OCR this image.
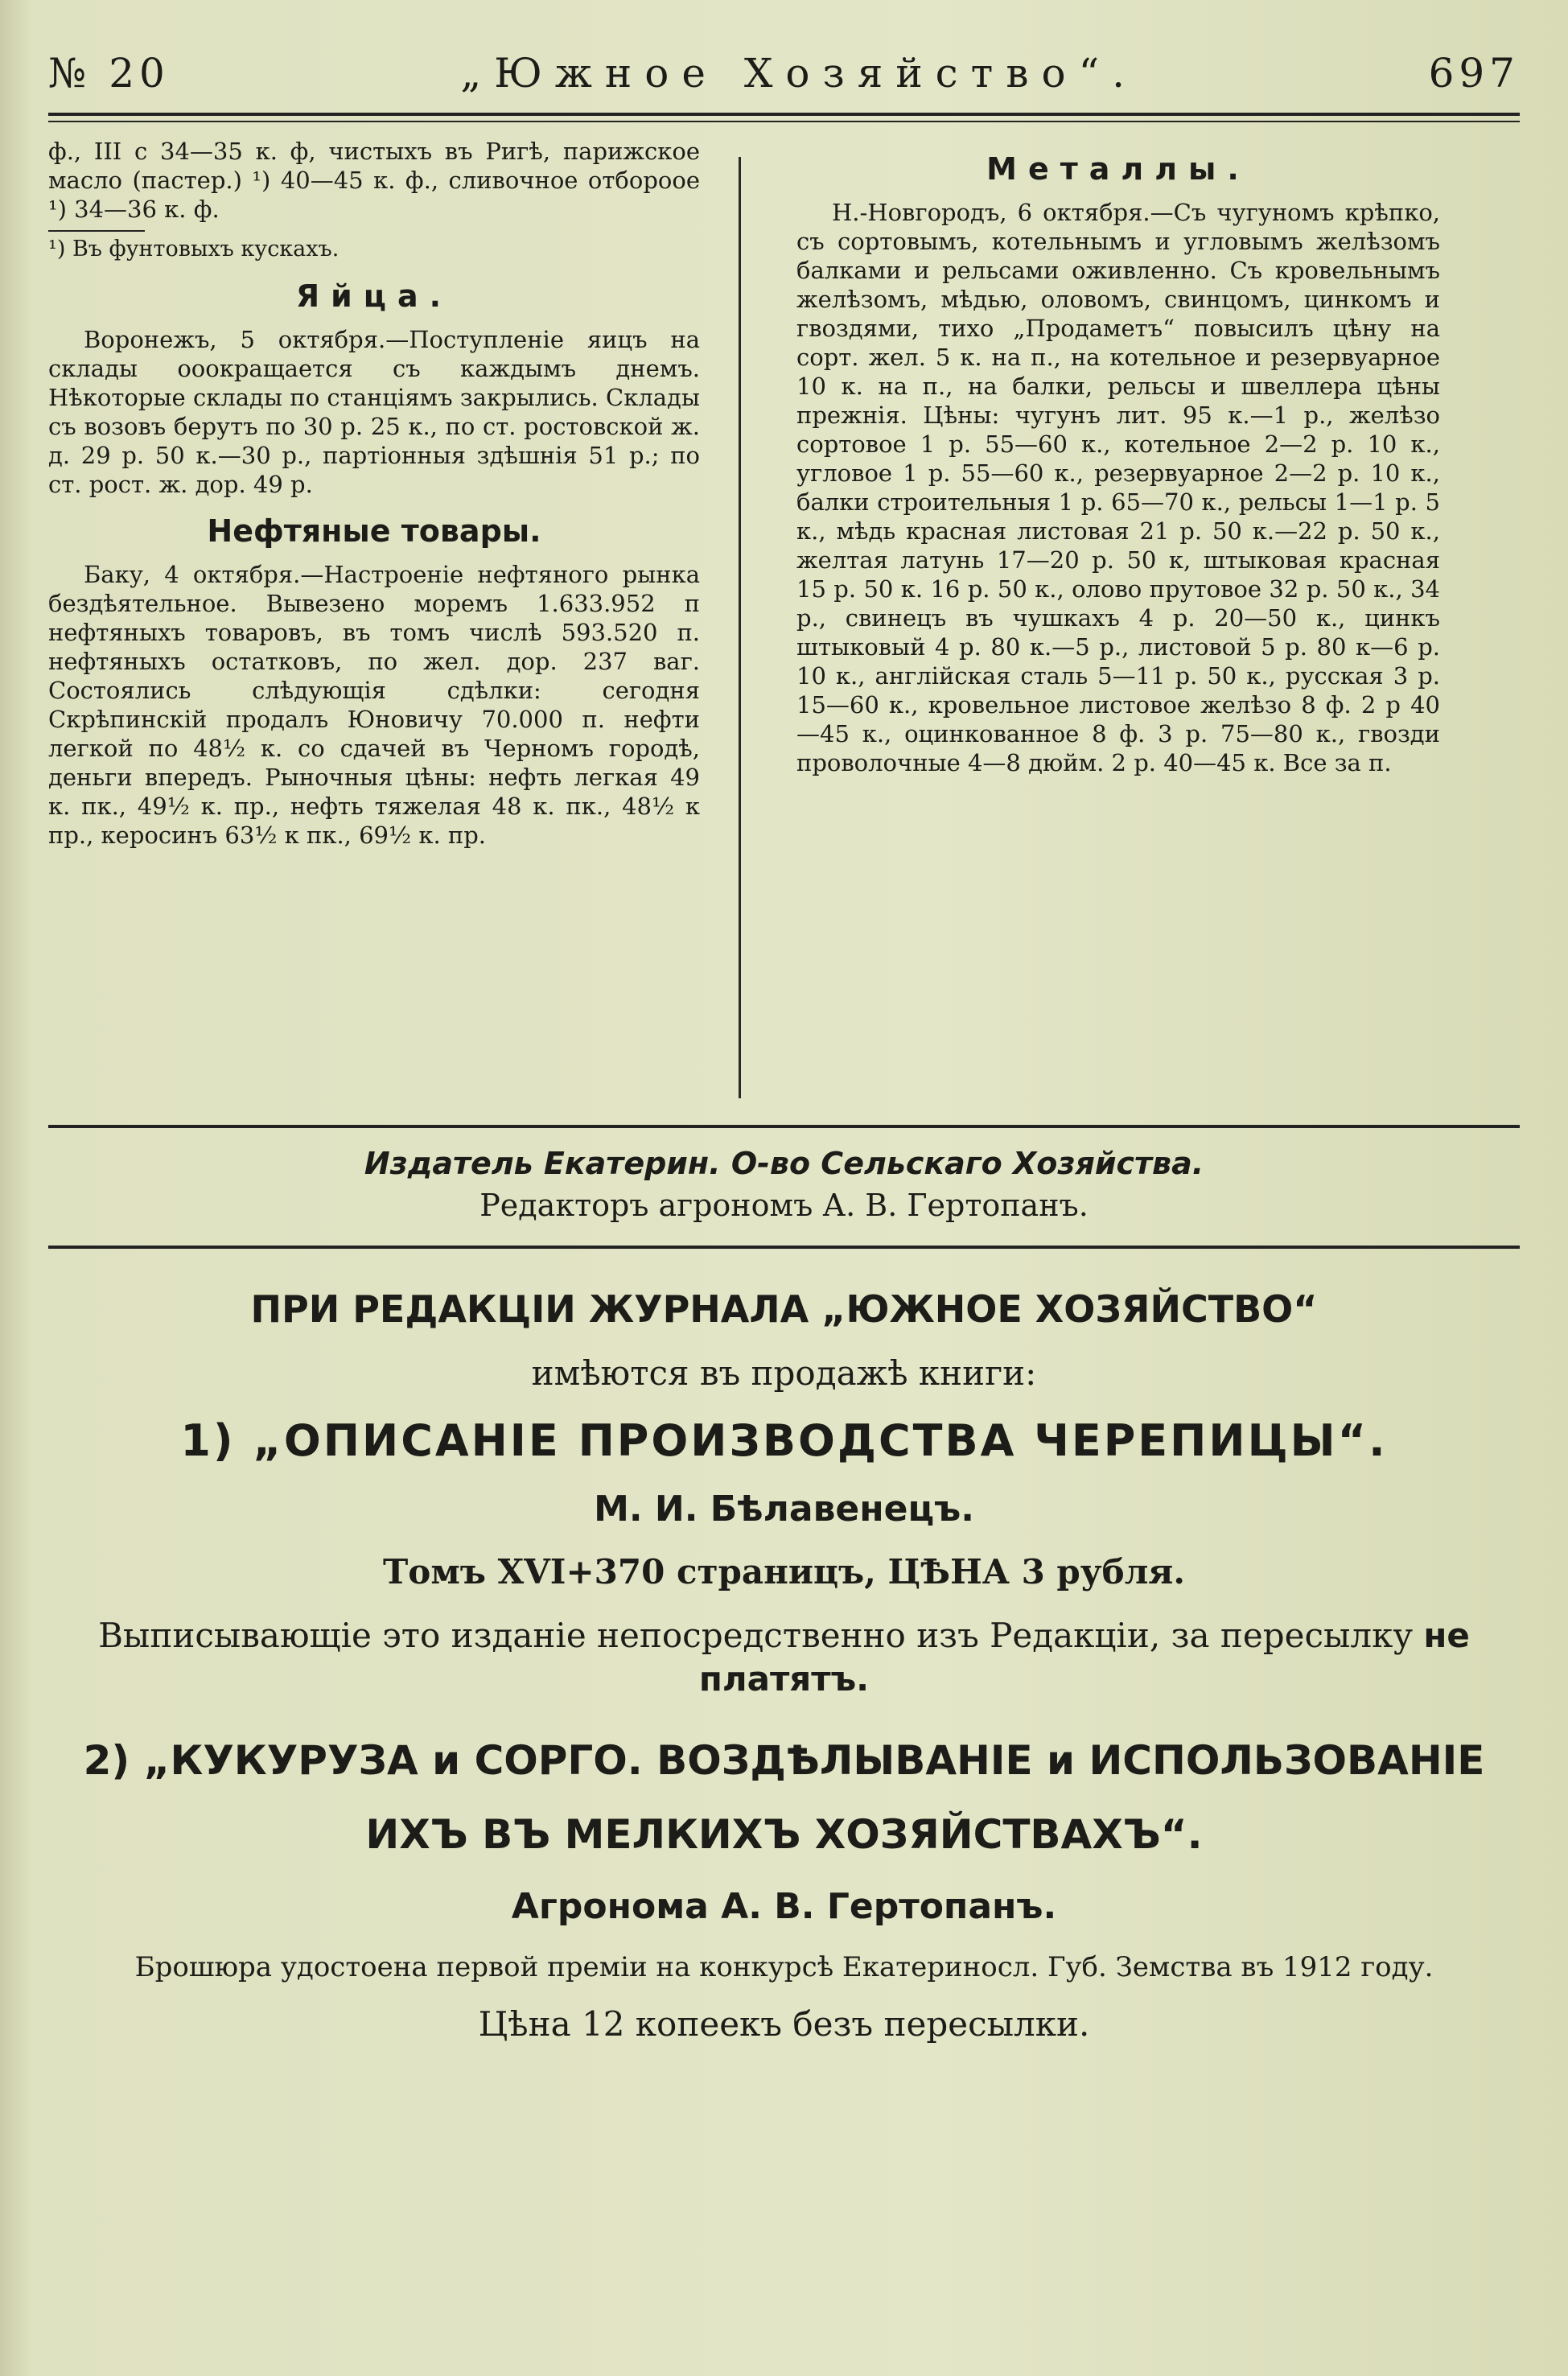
№ 20	„Южное Хозяйство“.	697

ф., III с 34—35 к. ф, чистыхъ въ Ригѣ, парижское масло (пастер.) ¹) 40—45 к. ф., сливочное отбороое ¹) 34—36 к. ф.

¹) Въ фунтовыхъ кускахъ.

Яйца.

Воронежъ, 5 октября.—Поступленіе яицъ на склады ооокращается съ каждымъ днемъ. Нѣкоторые склады по станціямъ закрылись. Склады съ возовъ берутъ по 30 р. 25 к., по ст. ростовской ж. д. 29 р. 50 к.—30 р., партіонныя здѣшнія 51 р.; по ст. рост. ж. дор. 49 р.

Нефтяные товары.

Баку, 4 октября.—Настроеніе нефтяного рынка бездѣятельное. Вывезено моремъ 1.633.952 п нефтяныхъ товаровъ, въ томъ числѣ 593.520 п. нефтяныхъ остатковъ, по жел. дор. 237 ваг. Состоялись слѣдующія сдѣлки: сегодня Скрѣпинскій продалъ Юновичу 70.000 п. нефти легкой по 48½ к. со сдачей въ Черномъ городѣ, деньги впередъ. Рыночныя цѣны: нефть легкая 49 к. пк., 49½ к. пр., нефть тяжелая 48 к. пк., 48½ к пр., керосинъ 63½ к пк., 69½ к. пр.

Металлы.

Н.-Новгородъ, 6 октября.—Съ чугуномъ крѣпко, съ сортовымъ, котельнымъ и угловымъ желѣзомъ балками и рельсами оживленно. Съ кровельнымъ желѣзомъ, мѣдью, оловомъ, свинцомъ, цинкомъ и гвоздями, тихо „Продаметъ“ повысилъ цѣну на сорт. жел. 5 к. на п., на котельное и резервуарное 10 к. на п., на балки, рельсы и швеллера цѣны прежнія. Цѣны: чугунъ лит. 95 к.—1 р., желѣзо сортовое 1 р. 55—60 к., котельное 2—2 р. 10 к., угловое 1 р. 55—60 к., резервуарное 2—2 р. 10 к., балки строительныя 1 р. 65—70 к., рельсы 1—1 р. 5 к., мѣдь красная листовая 21 р. 50 к.—22 р. 50 к., желтая латунь 17—20 р. 50 к, штыковая красная 15 р. 50 к. 16 р. 50 к., олово прутовое 32 р. 50 к., 34 р., свинецъ въ чушкахъ 4 р. 20—50 к., цинкъ штыковый 4 р. 80 к.—5 р., листовой 5 р. 80 к—6 р. 10 к., англійская сталь 5—11 р. 50 к., русская 3 р. 15—60 к., кровельное листовое желѣзо 8 ф. 2 р 40—45 к., оцинкованное 8 ф. 3 р. 75—80 к., гвозди проволочные 4—8 дюйм. 2 р. 40—45 к. Все за п.

Издатель Екатерин. О-во Сельскаго Хозяйства.
Редакторъ агрономъ А. В. Гертопанъ.
ПРИ РЕДАКЦІИ ЖУРНАЛА „ЮЖНОЕ ХОЗЯЙСТВО“
имѣются въ продажѣ книги:
1) „ОПИСАНІЕ ПРОИЗВОДСТВА ЧЕРЕПИЦЫ“.
М. И. Бѣлавенецъ.
Томъ XVI+370 страницъ, ЦѢНА 3 рубля.
Выписывающіе это изданіе непосредственно изъ Редакціи, за пересылку не платятъ.
2) „КУКУРУЗА и СОРГО. ВОЗДѢЛЫВАНІЕ и ИСПОЛЬЗОВАНІЕ ИХЪ ВЪ МЕЛКИХЪ ХОЗЯЙСТВАХЪ“.
Агронома А. В. Гертопанъ.
Брошюра удостоена первой преміи на конкурсѣ Екатериносл. Губ. Земства въ 1912 году.
Цѣна 12 копеекъ безъ пересылки.
